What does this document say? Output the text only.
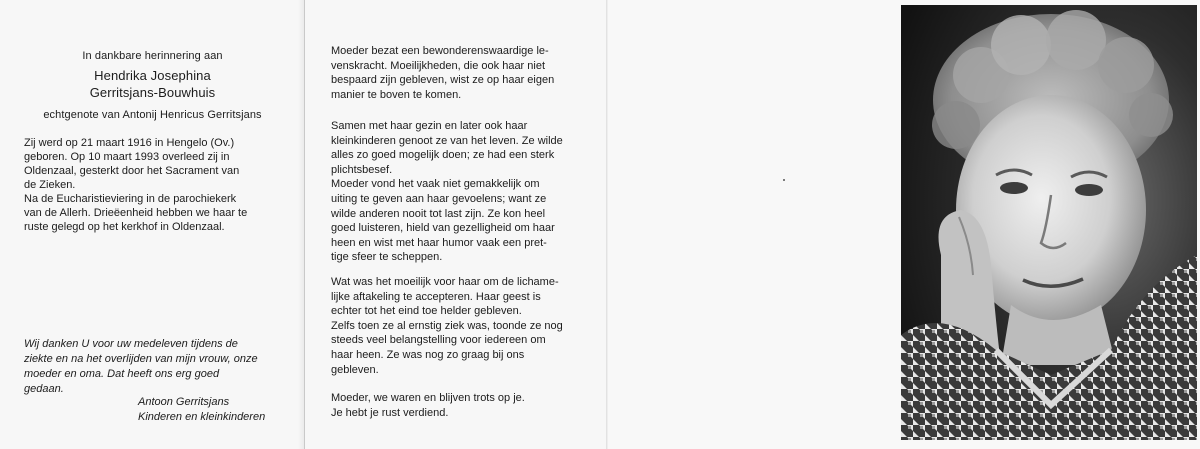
In dankbare herinnering aan
Hendrika Josephina
Gerritsjans-Bouwhuis
echtgenote van Antonij Henricus Gerritsjans
Zij werd op 21 maart 1916 in Hengelo (Ov.)
geboren. Op 10 maart 1993 overleed zij in
Oldenzaal, gesterkt door het Sacrament van
de Zieken.
Na de Eucharistieviering in de parochiekerk
van de Allerh. Drieëenheid hebben we haar te
ruste gelegd op het kerkhof in Oldenzaal.
Wij danken U voor uw medeleven tijdens de
ziekte en na het overlijden van mijn vrouw, onze
moeder en oma. Dat heeft ons erg goed
gedaan.
Antoon Gerritsjans
Kinderen en kleinkinderen
Moeder bezat een bewonderenswaardige le-
venskracht. Moeilijkheden, die ook haar niet
bespaard zijn gebleven, wist ze op haar eigen
manier te boven te komen.
Samen met haar gezin en later ook haar
kleinkinderen genoot ze van het leven. Ze wilde
alles zo goed mogelijk doen; ze had een sterk
plichtsbesef.
Moeder vond het vaak niet gemakkelijk om
uiting te geven aan haar gevoelens; want ze
wilde anderen nooit tot last zijn. Ze kon heel
goed luisteren, hield van gezelligheid om haar
heen en wist met haar humor vaak een pret-
tige sfeer te scheppen.
Wat was het moeilijk voor haar om de lichame-
lijke aftakeling te accepteren. Haar geest is
echter tot het eind toe helder gebleven.
Zelfs toen ze al ernstig ziek was, toonde ze nog
steeds veel belangstelling voor iedereen om
haar heen. Ze was nog zo graag bij ons
gebleven.
Moeder, we waren en blijven trots op je.
Je hebt je rust verdiend.
